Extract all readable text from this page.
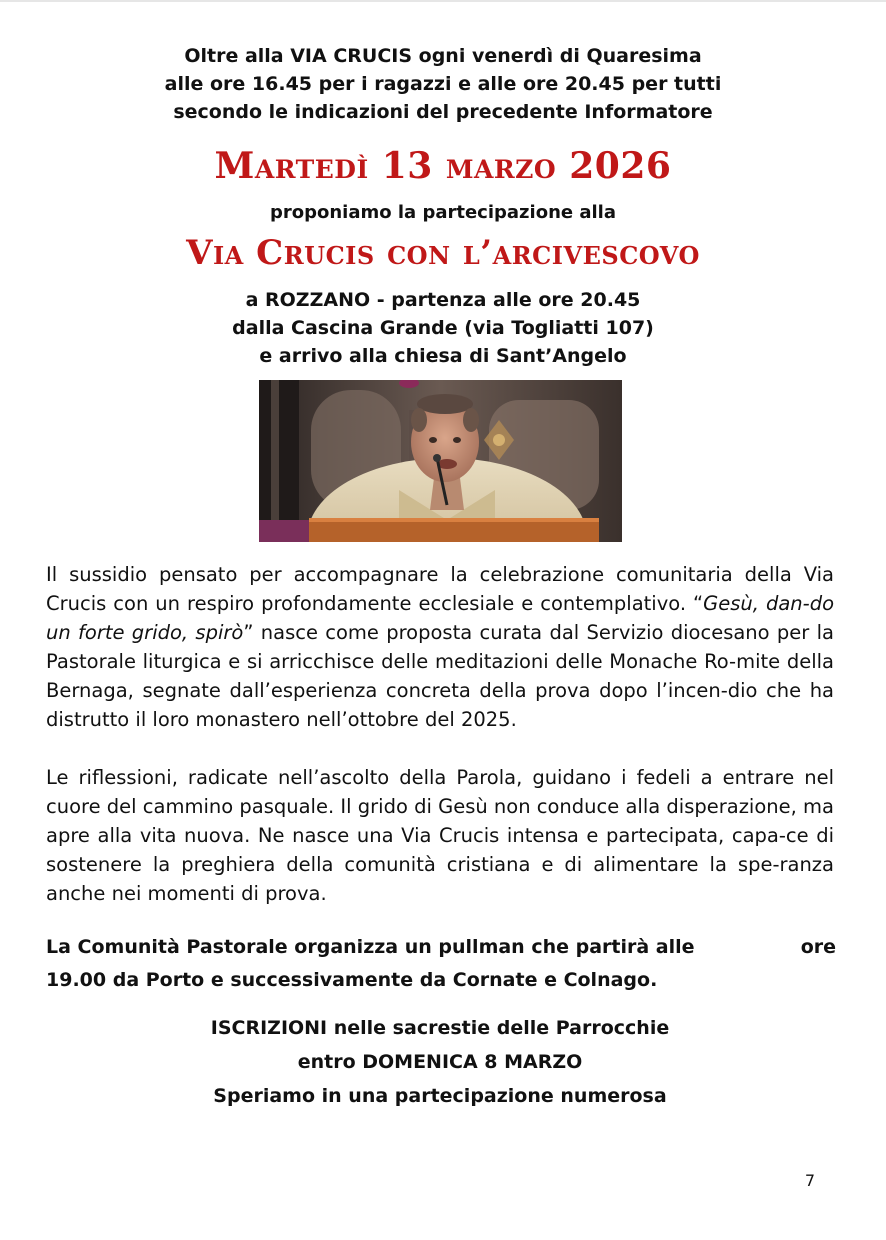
Oltre alla VIA CRUCIS ogni venerdì di Quaresima
alle ore 16.45 per i ragazzi e alle ore 20.45 per tutti
secondo le indicazioni del precedente Informatore
Martedì 13 marzo 2026
proponiamo la partecipazione alla
Via Crucis con l’arcivescovo
a ROZZANO - partenza alle ore 20.45
dalla Cascina Grande (via Togliatti 107)
e arrivo alla chiesa di Sant’Angelo

Il sussidio pensato per accompagnare la celebrazione comunitaria della Via Crucis con un respiro profondamente ecclesiale e contemplativo. “Gesù, dan-do un forte grido, spirò” nasce come proposta curata dal Servizio diocesano per la Pastorale liturgica e si arricchisce delle meditazioni delle Monache Ro-mite della Bernaga, segnate dall’esperienza concreta della prova dopo l’incen-dio che ha distrutto il loro monastero nell’ottobre del 2025.

Le riflessioni, radicate nell’ascolto della Parola, guidano i fedeli a entrare nel cuore del cammino pasquale. Il grido di Gesù non conduce alla disperazione, ma apre alla vita nuova. Ne nasce una Via Crucis intensa e partecipata, capa-ce di sostenere la preghiera della comunità cristiana e di alimentare la spe-ranza anche nei momenti di prova.

La Comunità Pastorale organizza un pullman che partirà alle	ore
19.00 da Porto e successivamente da Cornate e Colnago.
ISCRIZIONI nelle sacrestie delle Parrocchie
entro DOMENICA 8 MARZO
Speriamo in una partecipazione numerosa
7
